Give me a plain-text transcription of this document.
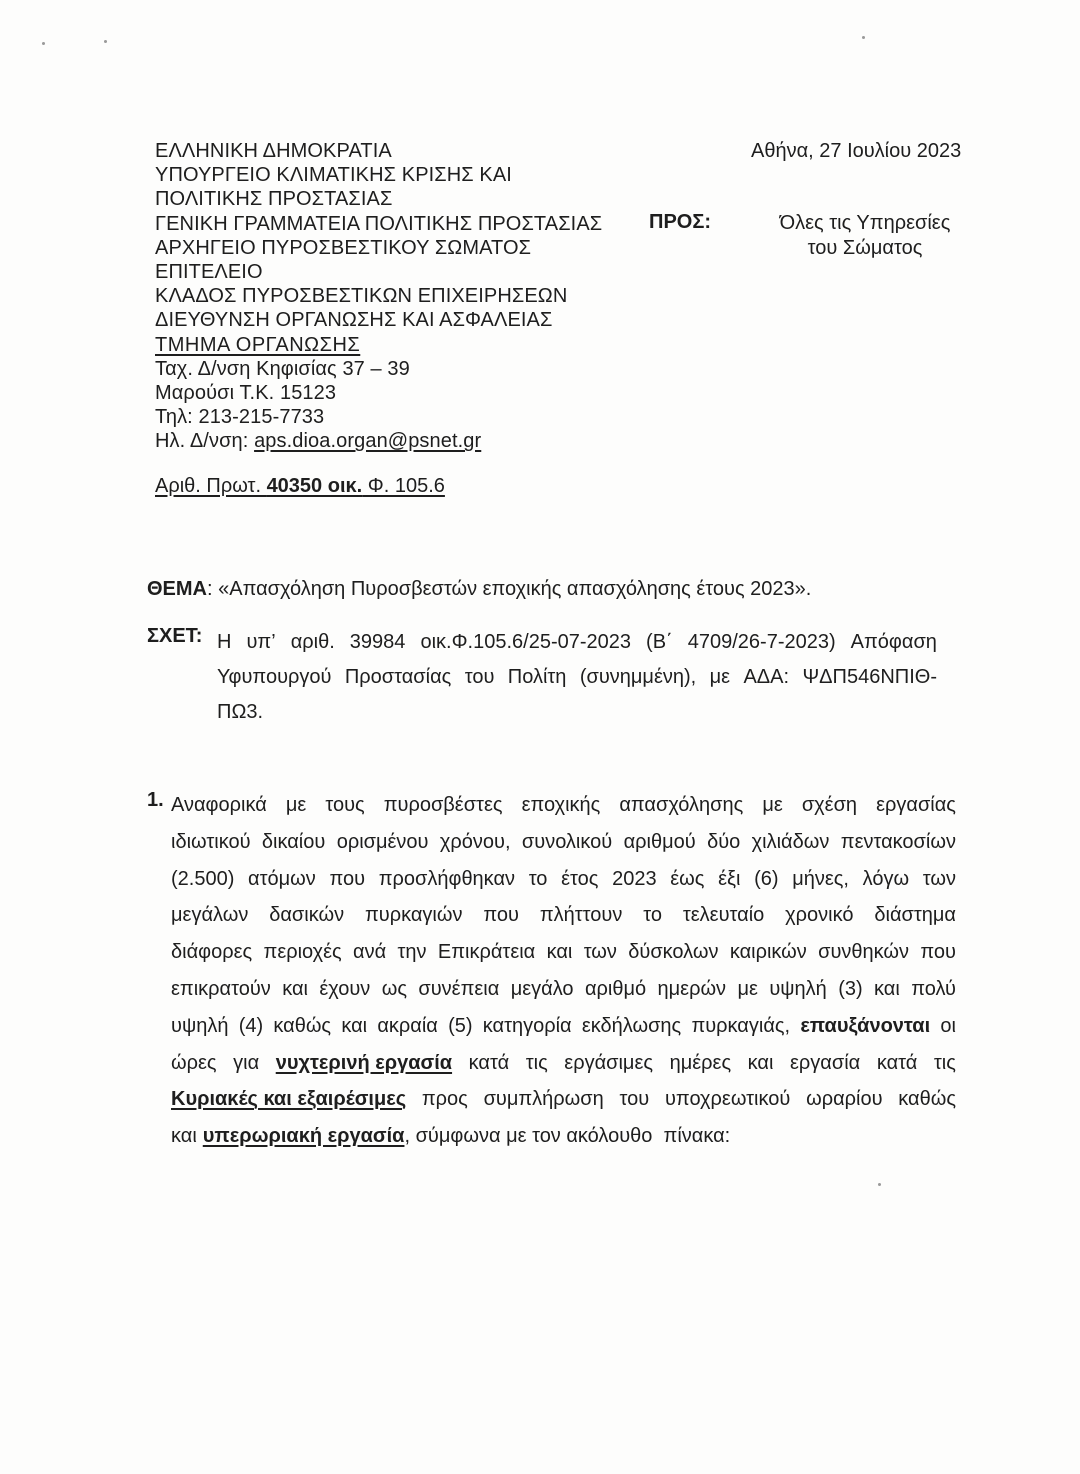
ΕΛΛΗΝΙΚΗ ΔΗΜΟΚΡΑΤΙΑ
ΥΠΟΥΡΓΕΙΟ ΚΛΙΜΑΤΙΚΗΣ ΚΡΙΣΗΣ ΚΑΙ
ΠΟΛΙΤΙΚΗΣ ΠΡΟΣΤΑΣΙΑΣ
ΓΕΝΙΚΗ ΓΡΑΜΜΑΤΕΙΑ ΠΟΛΙΤΙΚΗΣ ΠΡΟΣΤΑΣΙΑΣ
ΑΡΧΗΓΕΙΟ ΠΥΡΟΣΒΕΣΤΙΚΟΥ ΣΩΜΑΤΟΣ
ΕΠΙΤΕΛΕΙΟ
ΚΛΑΔΟΣ ΠΥΡΟΣΒΕΣΤΙΚΩΝ ΕΠΙΧΕΙΡΗΣΕΩΝ
ΔΙΕΥΘΥΝΣΗ ΟΡΓΑΝΩΣΗΣ ΚΑΙ ΑΣΦΑΛΕΙΑΣ
ΤΜΗΜΑ ΟΡΓΑΝΩΣΗΣ
Ταχ. Δ/νση Κηφισίας 37 – 39
Μαρούσι Τ.Κ. 15123
Τηλ: 213-215-7733
Ηλ. Δ/νση: aps.dioa.organ@psnet.gr
Αθήνα, 27 Ιουλίου 2023
ΠΡΟΣ:	Όλες τις Υπηρεσίες
του Σώματος
Αριθ. Πρωτ. 40350 οικ. Φ. 105.6
ΘΕΜΑ: «Απασχόληση Πυροσβεστών εποχικής απασχόλησης έτους 2023».
ΣΧΕΤ: Η υπ’ αριθ. 39984 οικ.Φ.105.6/25-07-2023 (Β΄ 4709/26-7-2023) Απόφαση
Υφυπουργού Προστασίας του Πολίτη (συνημμένη), με ΑΔΑ: ΨΔΠ546ΝΠΙΘ-
ΠΩ3.
1. Αναφορικά με τους πυροσβέστες εποχικής απασχόλησης με σχέση εργασίας
ιδιωτικού δικαίου ορισμένου χρόνου, συνολικού αριθμού δύο χιλιάδων πεντακοσίων
(2.500) ατόμων που προσλήφθηκαν το έτος 2023 έως έξι (6) μήνες, λόγω των
μεγάλων δασικών πυρκαγιών που πλήττουν το τελευταίο χρονικό διάστημα
διάφορες περιοχές ανά την Επικράτεια και των δύσκολων καιρικών συνθηκών που
επικρατούν και έχουν ως συνέπεια μεγάλο αριθμό ημερών με υψηλή (3) και πολύ
υψηλή (4) καθώς και ακραία (5) κατηγορία εκδήλωσης πυρκαγιάς, επαυξάνονται οι
ώρες για νυχτερινή εργασία κατά τις εργάσιμες ημέρες και εργασία κατά τις
Κυριακές και εξαιρέσιμες προς συμπλήρωση του υποχρεωτικού ωραρίου καθώς
και υπερωριακή εργασία , σύμφωνα με τον ακόλουθο  πίνακα:
